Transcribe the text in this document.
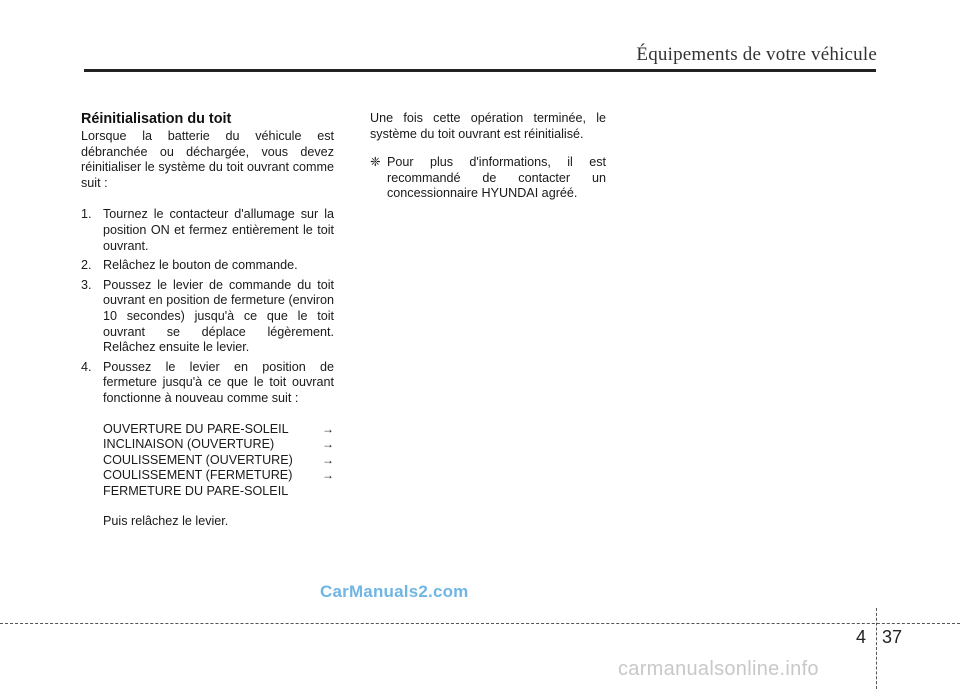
Équipements de votre véhicule
Réinitialisation du toit

Lorsque la batterie du véhicule est débranchée ou déchargée, vous devez réinitialiser le système du toit ouvrant comme suit :

1. Tournez le contacteur d'allumage sur la position ON et fermez entièrement le toit ouvrant.
2. Relâchez le bouton de commande.
3. Poussez le levier de commande du toit ouvrant en position de fermeture (environ 10 secondes) jusqu'à ce que le toit ouvrant se déplace légèrement. Relâchez ensuite le levier.
4. Poussez le levier en position de fermeture jusqu'à ce que le toit ouvrant fonctionne à nouveau comme suit :
OUVERTURE DU PARE-SOLEIL	→
INCLINAISON (OUVERTURE)	→
COULISSEMENT (OUVERTURE) →
COULISSEMENT (FERMETURE) →
FERMETURE DU PARE-SOLEIL
Puis relâchez le levier.

Une fois cette opération terminée, le système du toit ouvrant est réinitialisé.

❈ Pour plus d'informations, il est recommandé de contacter un concessionnaire HYUNDAI agréé.
CarManuals2.com
4 37
carmanualsonline.info
